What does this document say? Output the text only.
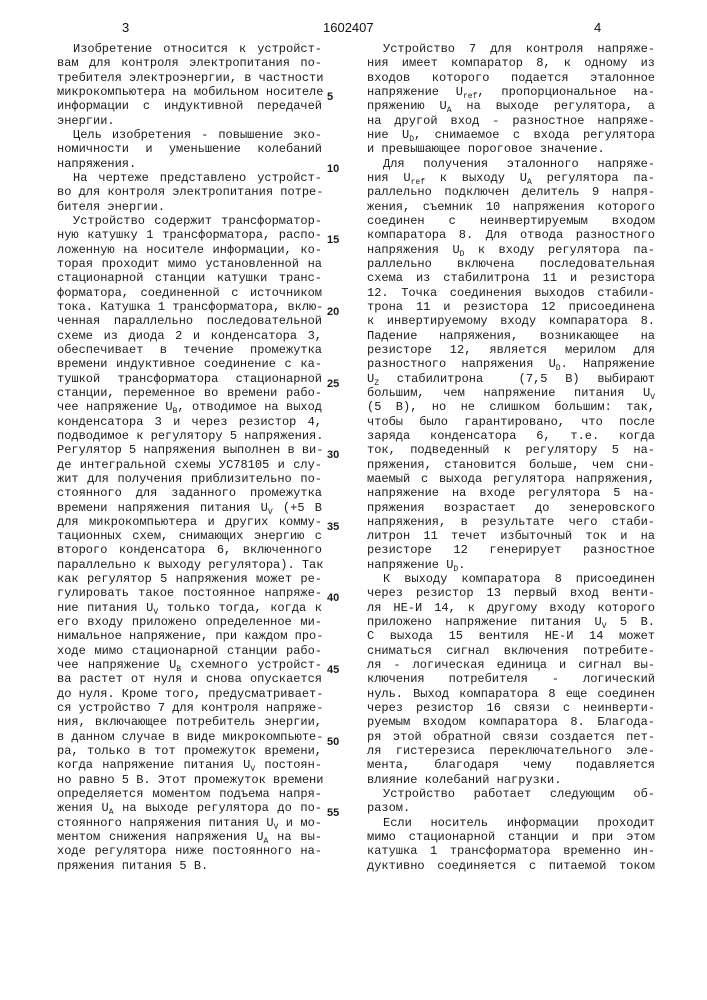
3	1602407	4
Изобретение относится к устройст-
вам для контроля электропитания по-
требителя электроэнергии, в частности
микрокомпьютера на мобильном носителе 5
информации с индуктивной передачей
энергии.
Цель изобретения - повышение эко-
номичности и уменьшение колебаний
напряжения.	10
На чертеже представлено устройст-
во для контроля электропитания потре-
бителя энергии.
Устройство содержит трансформатор-
ную катушку 1 трансформатора, распо- 15
ложенную на носителе информации, ко-
торая проходит мимо установленной на
стационарной станции катушки транс-
форматора, соединенной с источником
тока. Катушка 1 трансформатора, вклю- 20
ченная параллельно последовательной
схеме из диода 2 и конденсатора 3,
обеспечивает в течение промежутка
времени индуктивное соединение с ка-
тушкой трансформатора стационарной 25
станции, переменное во времени рабо-
чее напряжение UB, отводимое на выход
конденсатора 3 и через резистор 4,
подводимое к регулятору 5 напряжения.
Регулятор 5 напряжения выполнен в ви- 30
де интегральной схемы УС78105 и слу-
жит для получения приблизительно по-
стоянного для заданного промежутка
времени напряжения питания UV (+5 В
для микрокомпьютера и других комму- 35
тационных схем, снимающих энергию с
второго конденсатора 6, включенного
параллельно к выходу регулятора). Так
как регулятор 5 напряжения может ре-
гулировать такое постоянное напряже- 40
ние питания UV только тогда, когда к
его входу приложено определенное ми-
нимальное напряжение, при каждом про-
ходе мимо стационарной станции рабо-
чее напряжение UB схемного устройст- 45
ва растет от нуля и снова опускается
до нуля. Кроме того, предусматривает-
ся устройство 7 для контроля напряже-
ния, включающее потребитель энергии,
в данном случае в виде микрокомпьюте- 50
ра, только в тот промежуток времени,
когда напряжение питания UV постоян-
но равно 5 В. Этот промежуток времени
определяется моментом подъема напря-
жения UA на выходе регулятора до по- 55
стоянного напряжения питания UV и мо-
ментом снижения напряжения UA на вы-
ходе регулятора ниже постоянного на-
пряжения питания 5 В.
Устройство 7 для контроля напряже-
ния имеет компаратор 8, к одному из
входов которого подается эталонное
напряжение Uref, пропорциональное на-
пряжению UA на выходе регулятора, а
на другой вход - разностное напряже-
ние UD, снимаемое с входа регулятора
и превышающее пороговое значение.
Для получения эталонного напряже-
ния Uref к выходу UA регулятора па-
раллельно подключен делитель 9 напря-
жения, съемник 10 напряжения которого
соединен с неинвертируемым входом
компаратора 8. Для отвода разностного
напряжения UD к входу регулятора па-
раллельно включена последовательная
схема из стабилитрона 11 и резистора
12. Точка соединения выходов стабили-
трона 11 и резистора 12 присоединена
к инвертируемому входу компаратора 8.
Падение напряжения, возникающее на
резисторе 12, является мерилом для
разностного напряжения UD. Напряжение
UZ стабилитрона  (7,5 В) выбирают
большим, чем напряжение питания UV
(5 В), но не слишком большим: так,
чтобы было гарантировано, что после
заряда конденсатора 6, т.е. когда
ток, подведенный к регулятору 5 на-
пряжения, становится больше, чем сни-
маемый с выхода регулятора напряжения,
напряжение на входе регулятора 5 на-
пряжения возрастает до зенеровского
напряжения, в результате чего стаби-
литрон 11 течет избыточный ток и на
резисторе 12 генерирует разностное
напряжение UD.
К выходу компаратора 8 присоединен
через резистор 13 первый вход венти-
ля НЕ-И 14, к другому входу которого
приложено напряжение питания UV 5 В.
С выхода 15 вентиля НЕ-И 14 может
сниматься сигнал включения потребите-
ля - логическая единица и сигнал вы-
ключения потребителя - логический
нуль. Выход компаратора 8 еще соединен
через резистор 16 связи с неинверти-
руемым входом компаратора 8. Благода-
ря этой обратной связи создается пет-
ля гистерезиса переключательного эле-
мента, благодаря чему подавляется
влияние колебаний нагрузки.
Устройство работает следующим об-
разом.
Если носитель информации проходит
мимо стационарной станции и при этом
катушка 1 трансформатора временно ин-
дуктивно соединяется с питаемой током
